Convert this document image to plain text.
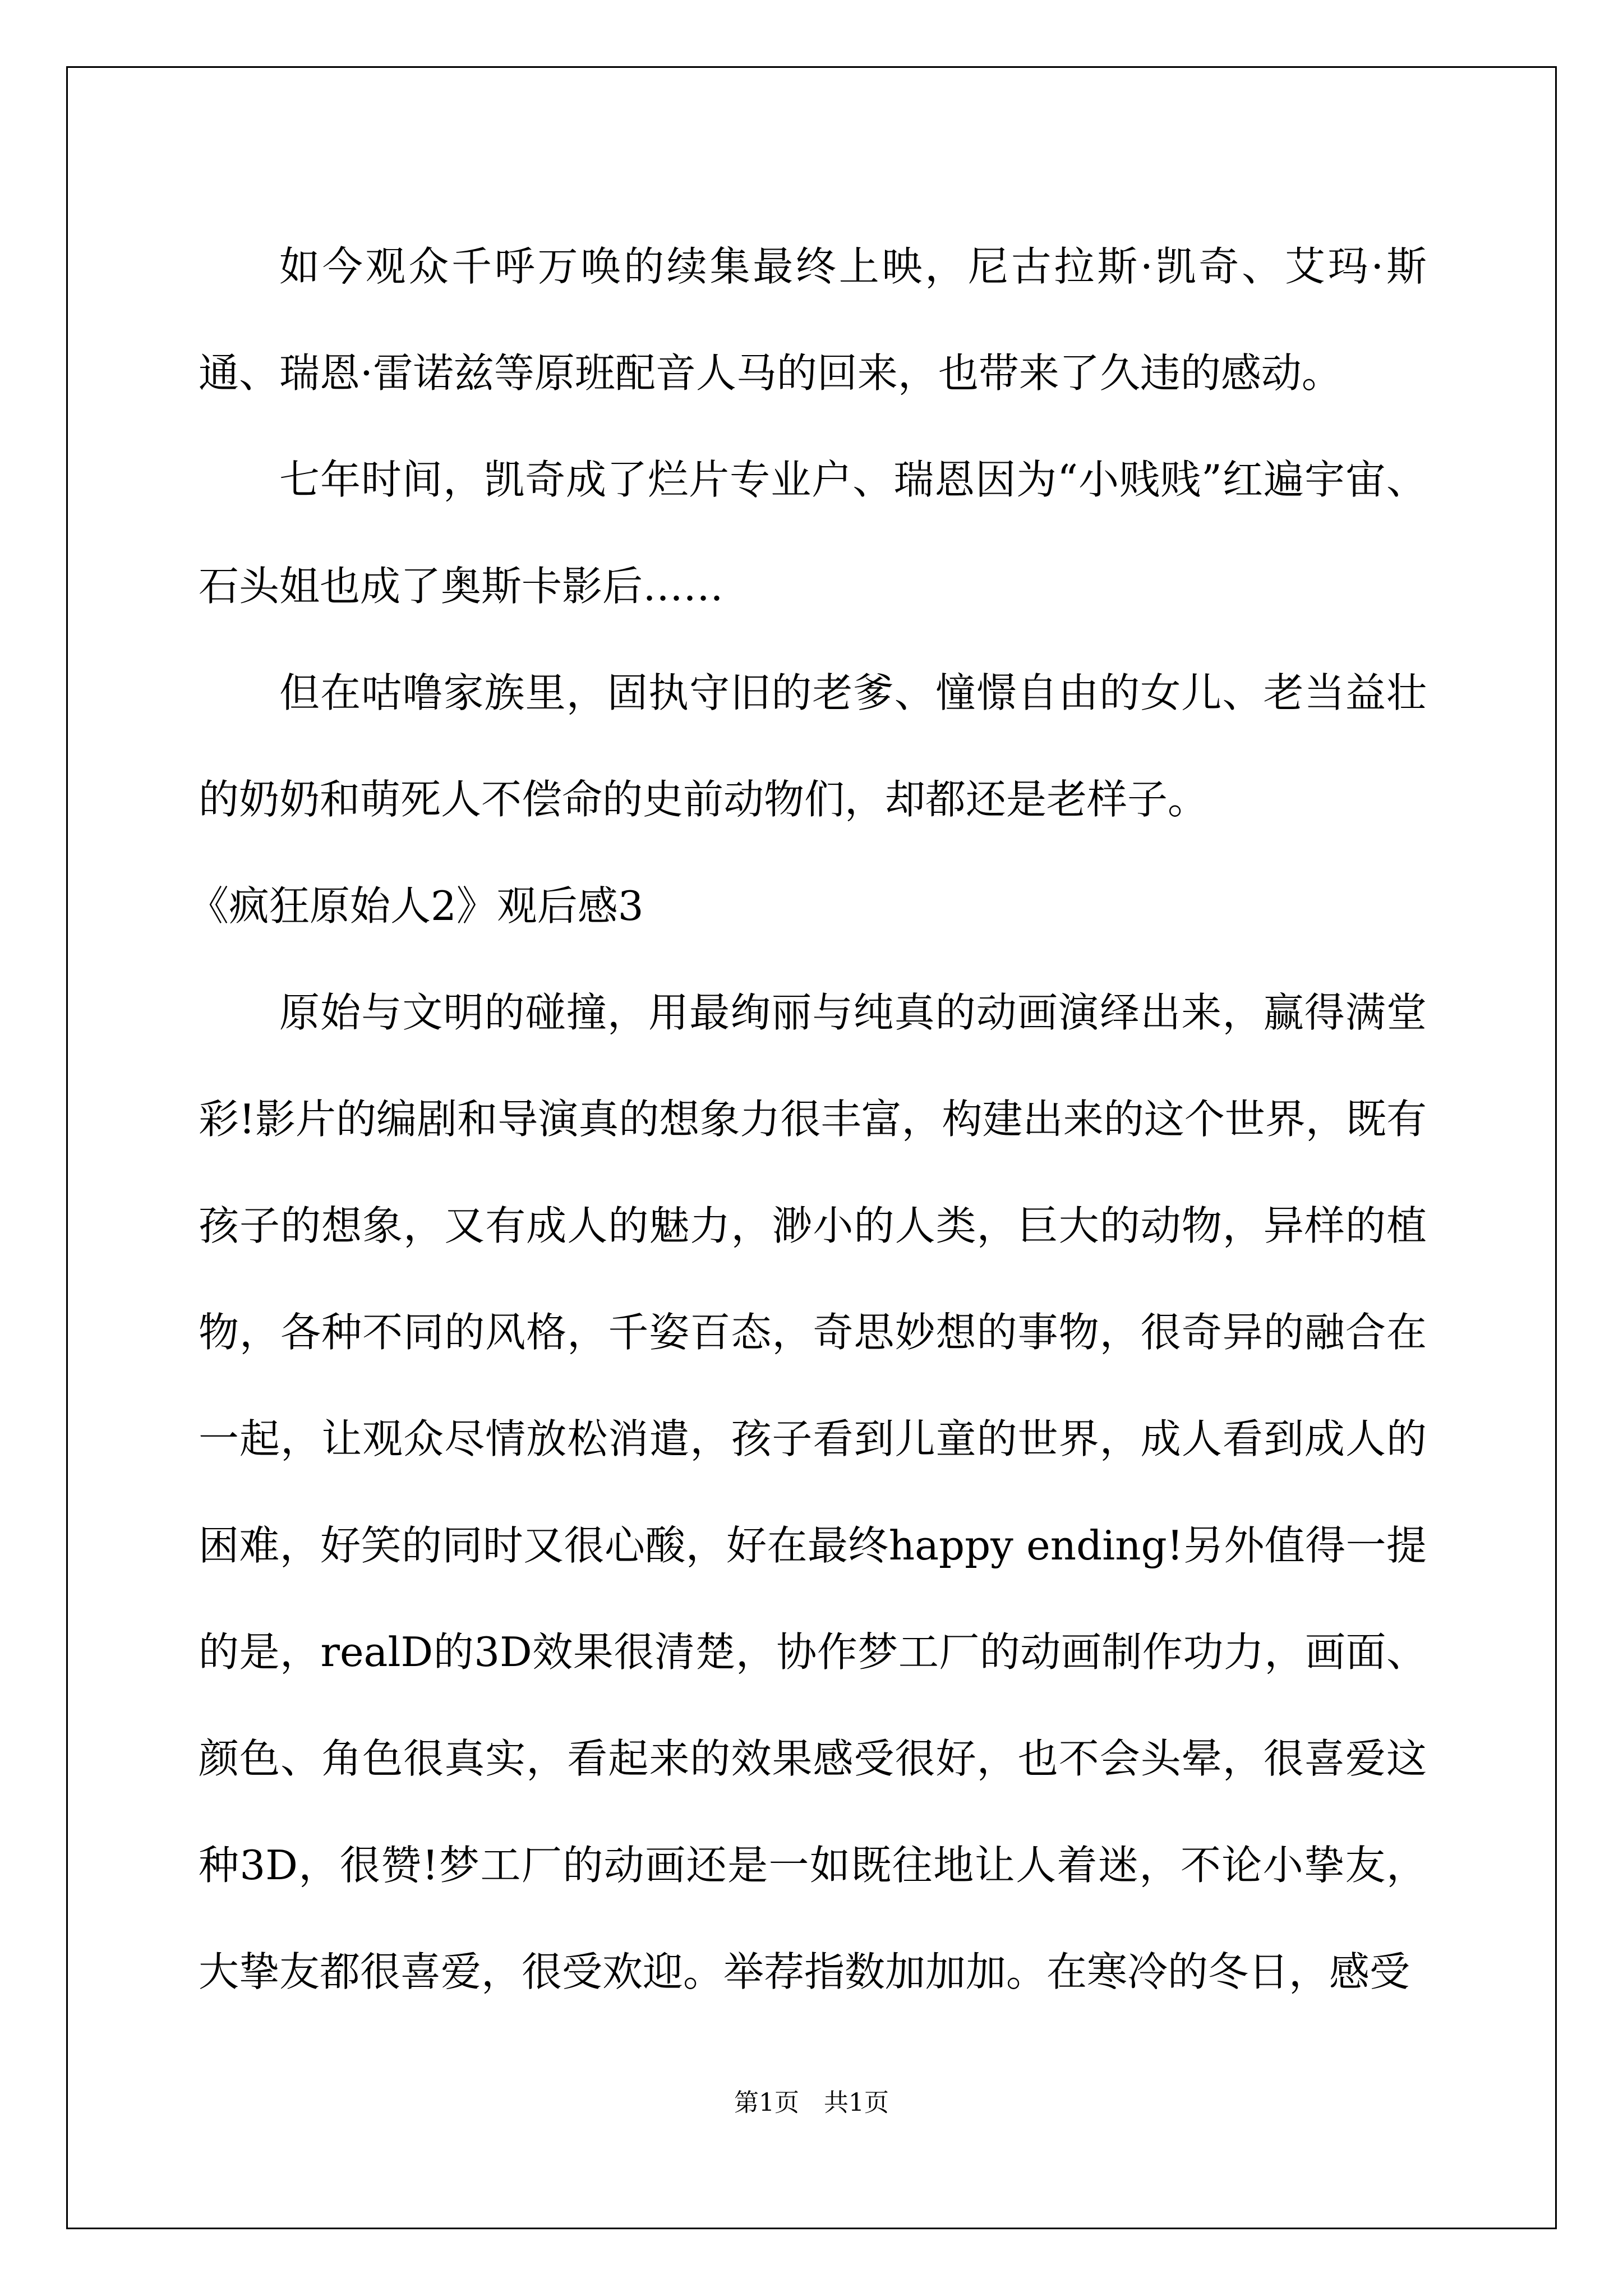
如今观众千呼万唤的续集最终上映，尼古拉斯·凯奇、艾玛·斯通、瑞恩·雷诺兹等原班配音人马的回来，也带来了久违的感动。

七年时间，凯奇成了烂片专业户、瑞恩因为“小贱贱”红遍宇宙、石头姐也成了奥斯卡影后……

但在咕噜家族里，固执守旧的老爹、憧憬自由的女儿、老当益壮的奶奶和萌死人不偿命的史前动物们，却都还是老样子。

《疯狂原始人2》观后感3

原始与文明的碰撞，用最绚丽与纯真的动画演绎出来，赢得满堂彩!影片的编剧和导演真的想象力很丰富，构建出来的这个世界，既有孩子的想象，又有成人的魅力，渺小的人类，巨大的动物，异样的植物，各种不同的风格，千姿百态，奇思妙想的事物，很奇异的融合在一起，让观众尽情放松消遣，孩子看到儿童的世界，成人看到成人的困难，好笑的同时又很心酸，好在最终happy ending!另外值得一提的是，realD的3D效果很清楚，协作梦工厂的动画制作功力，画面、颜色、角色很真实，看起来的效果感受很好，也不会头晕，很喜爱这种3D，很赞!梦工厂的动画还是一如既往地让人着迷，不论小挚友，大挚友都很喜爱，很受欢迎。举荐指数加加加。在寒冷的冬日，感受

第1页 共1页
